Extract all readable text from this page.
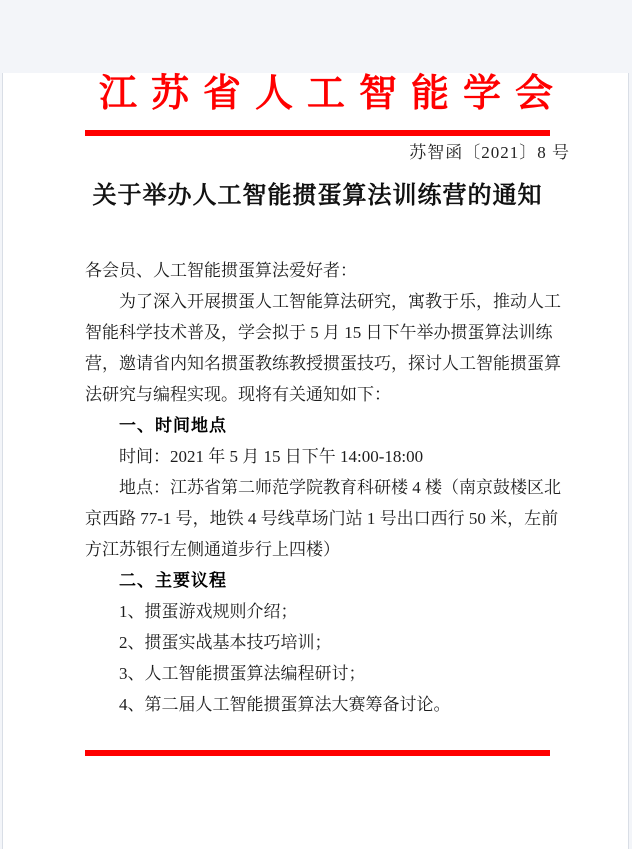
江苏省人工智能学会
苏智函〔2021〕8 号
关于举办人工智能掼蛋算法训练营的通知
各会员、人工智能掼蛋算法爱好者：
为了深入开展掼蛋人工智能算法研究，寓教于乐，推动人工
智能科学技术普及，学会拟于 5 月 15 日下午举办掼蛋算法训练
营，邀请省内知名掼蛋教练教授掼蛋技巧，探讨人工智能掼蛋算
法研究与编程实现。现将有关通知如下：
一、时间地点
时间：2021 年 5 月 15 日下午 14:00-18:00
地点：江苏省第二师范学院教育科研楼 4 楼（南京鼓楼区北
京西路 77-1 号，地铁 4 号线草场门站 1 号出口西行 50 米，左前
方江苏银行左侧通道步行上四楼）
二、主要议程
1、掼蛋游戏规则介绍；
2、掼蛋实战基本技巧培训；
3、人工智能掼蛋算法编程研讨；
4、第二届人工智能掼蛋算法大赛筹备讨论。
